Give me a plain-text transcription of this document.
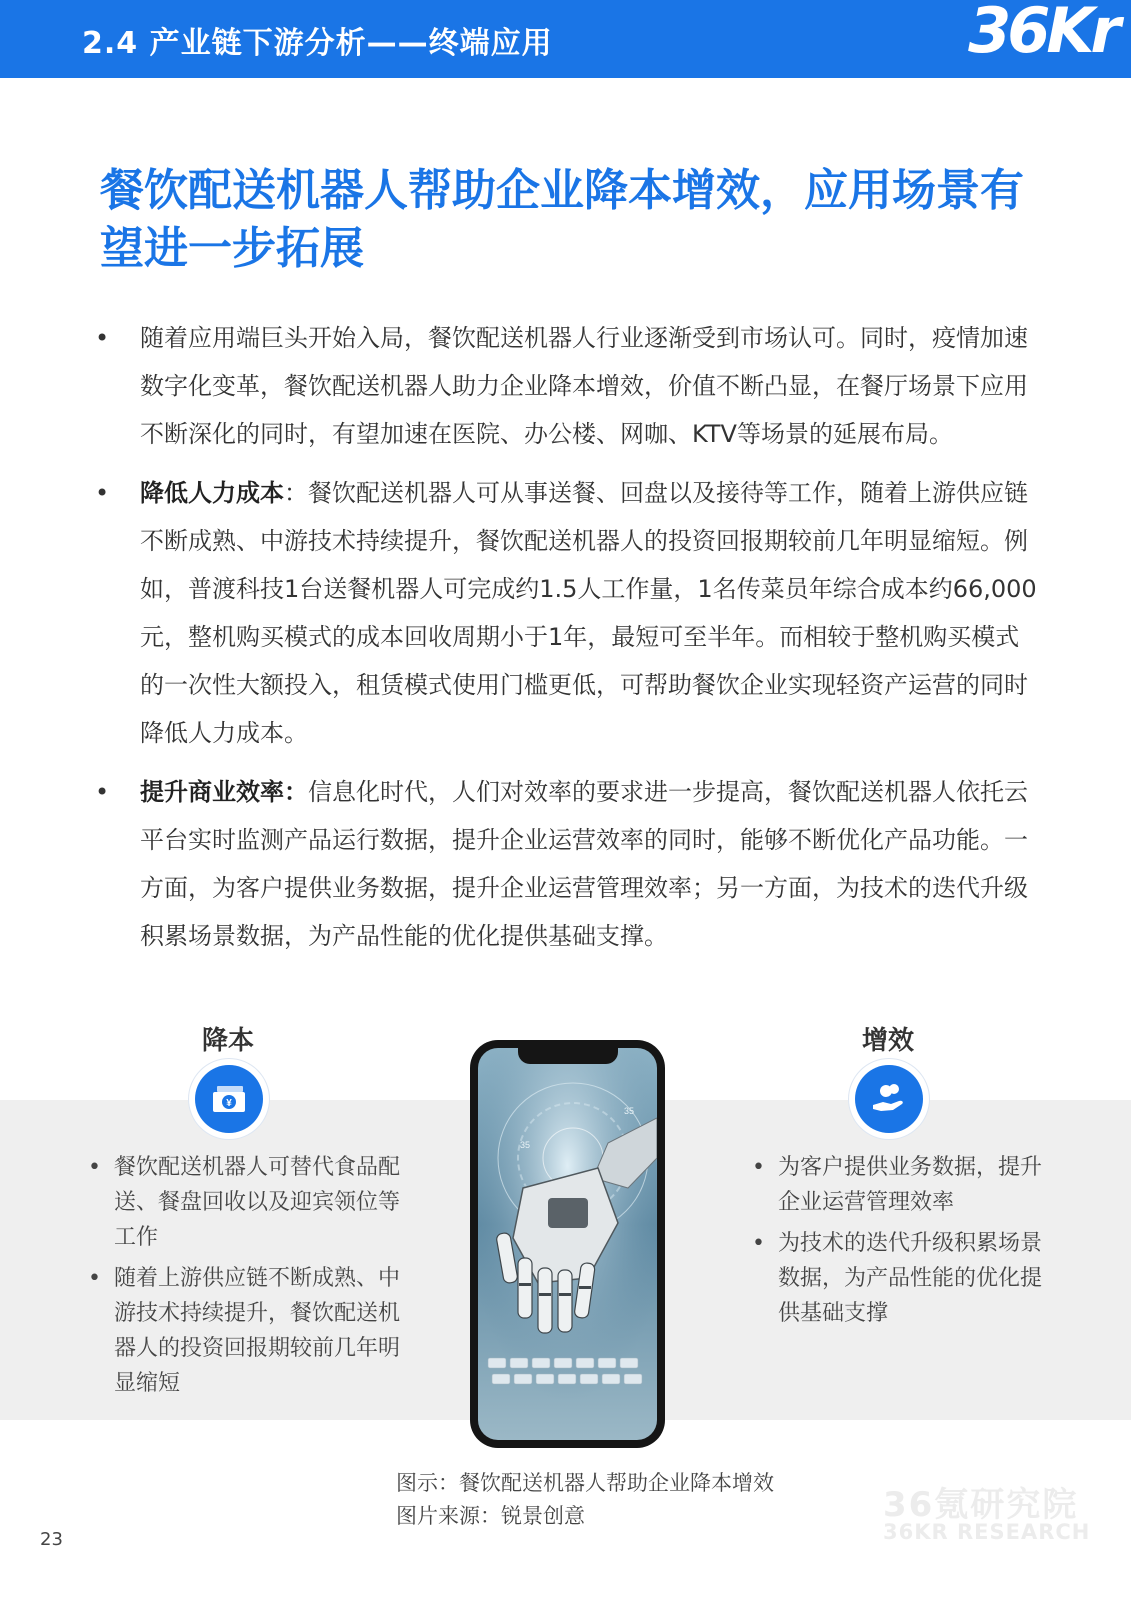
2.4 产业链下游分析——终端应用	36Kr
餐饮配送机器人帮助企业降本增效，应用场景有望进一步拓展
• 随着应用端巨头开始入局，餐饮配送机器人行业逐渐受到市场认可。同时，疫情加速数字化变革，餐饮配送机器人助力企业降本增效，价值不断凸显，在餐厅场景下应用不断深化的同时，有望加速在医院、办公楼、网咖、KTV等场景的延展布局。
• 降低人力成本：餐饮配送机器人可从事送餐、回盘以及接待等工作，随着上游供应链不断成熟、中游技术持续提升，餐饮配送机器人的投资回报期较前几年明显缩短。例如，普渡科技1台送餐机器人可完成约1.5人工作量，1名传菜员年综合成本约66,000元，整机购买模式的成本回收周期小于1年，最短可至半年。而相较于整机购买模式的一次性大额投入，租赁模式使用门槛更低，可帮助餐饮企业实现轻资产运营的同时降低人力成本。
• 提升商业效率：信息化时代，人们对效率的要求进一步提高，餐饮配送机器人依托云平台实时监测产品运行数据，提升企业运营效率的同时，能够不断优化产品功能。一方面，为客户提供业务数据，提升企业运营管理效率；另一方面，为技术的迭代升级积累场景数据，为产品性能的优化提供基础支撑。
降本
¥
• 餐饮配送机器人可替代食品配送、餐盘回收以及迎宾领位等工作
• 随着上游供应链不断成熟、中游技术持续提升，餐饮配送机器人的投资回报期较前几年明显缩短
35
35
增效
• 为客户提供业务数据，提升企业运营管理效率
• 为技术的迭代升级积累场景数据，为产品性能的优化提供基础支撑
图示：餐饮配送机器人帮助企业降本增效
图片来源：锐景创意	36氪研究院
36KR RESEARCH
23
